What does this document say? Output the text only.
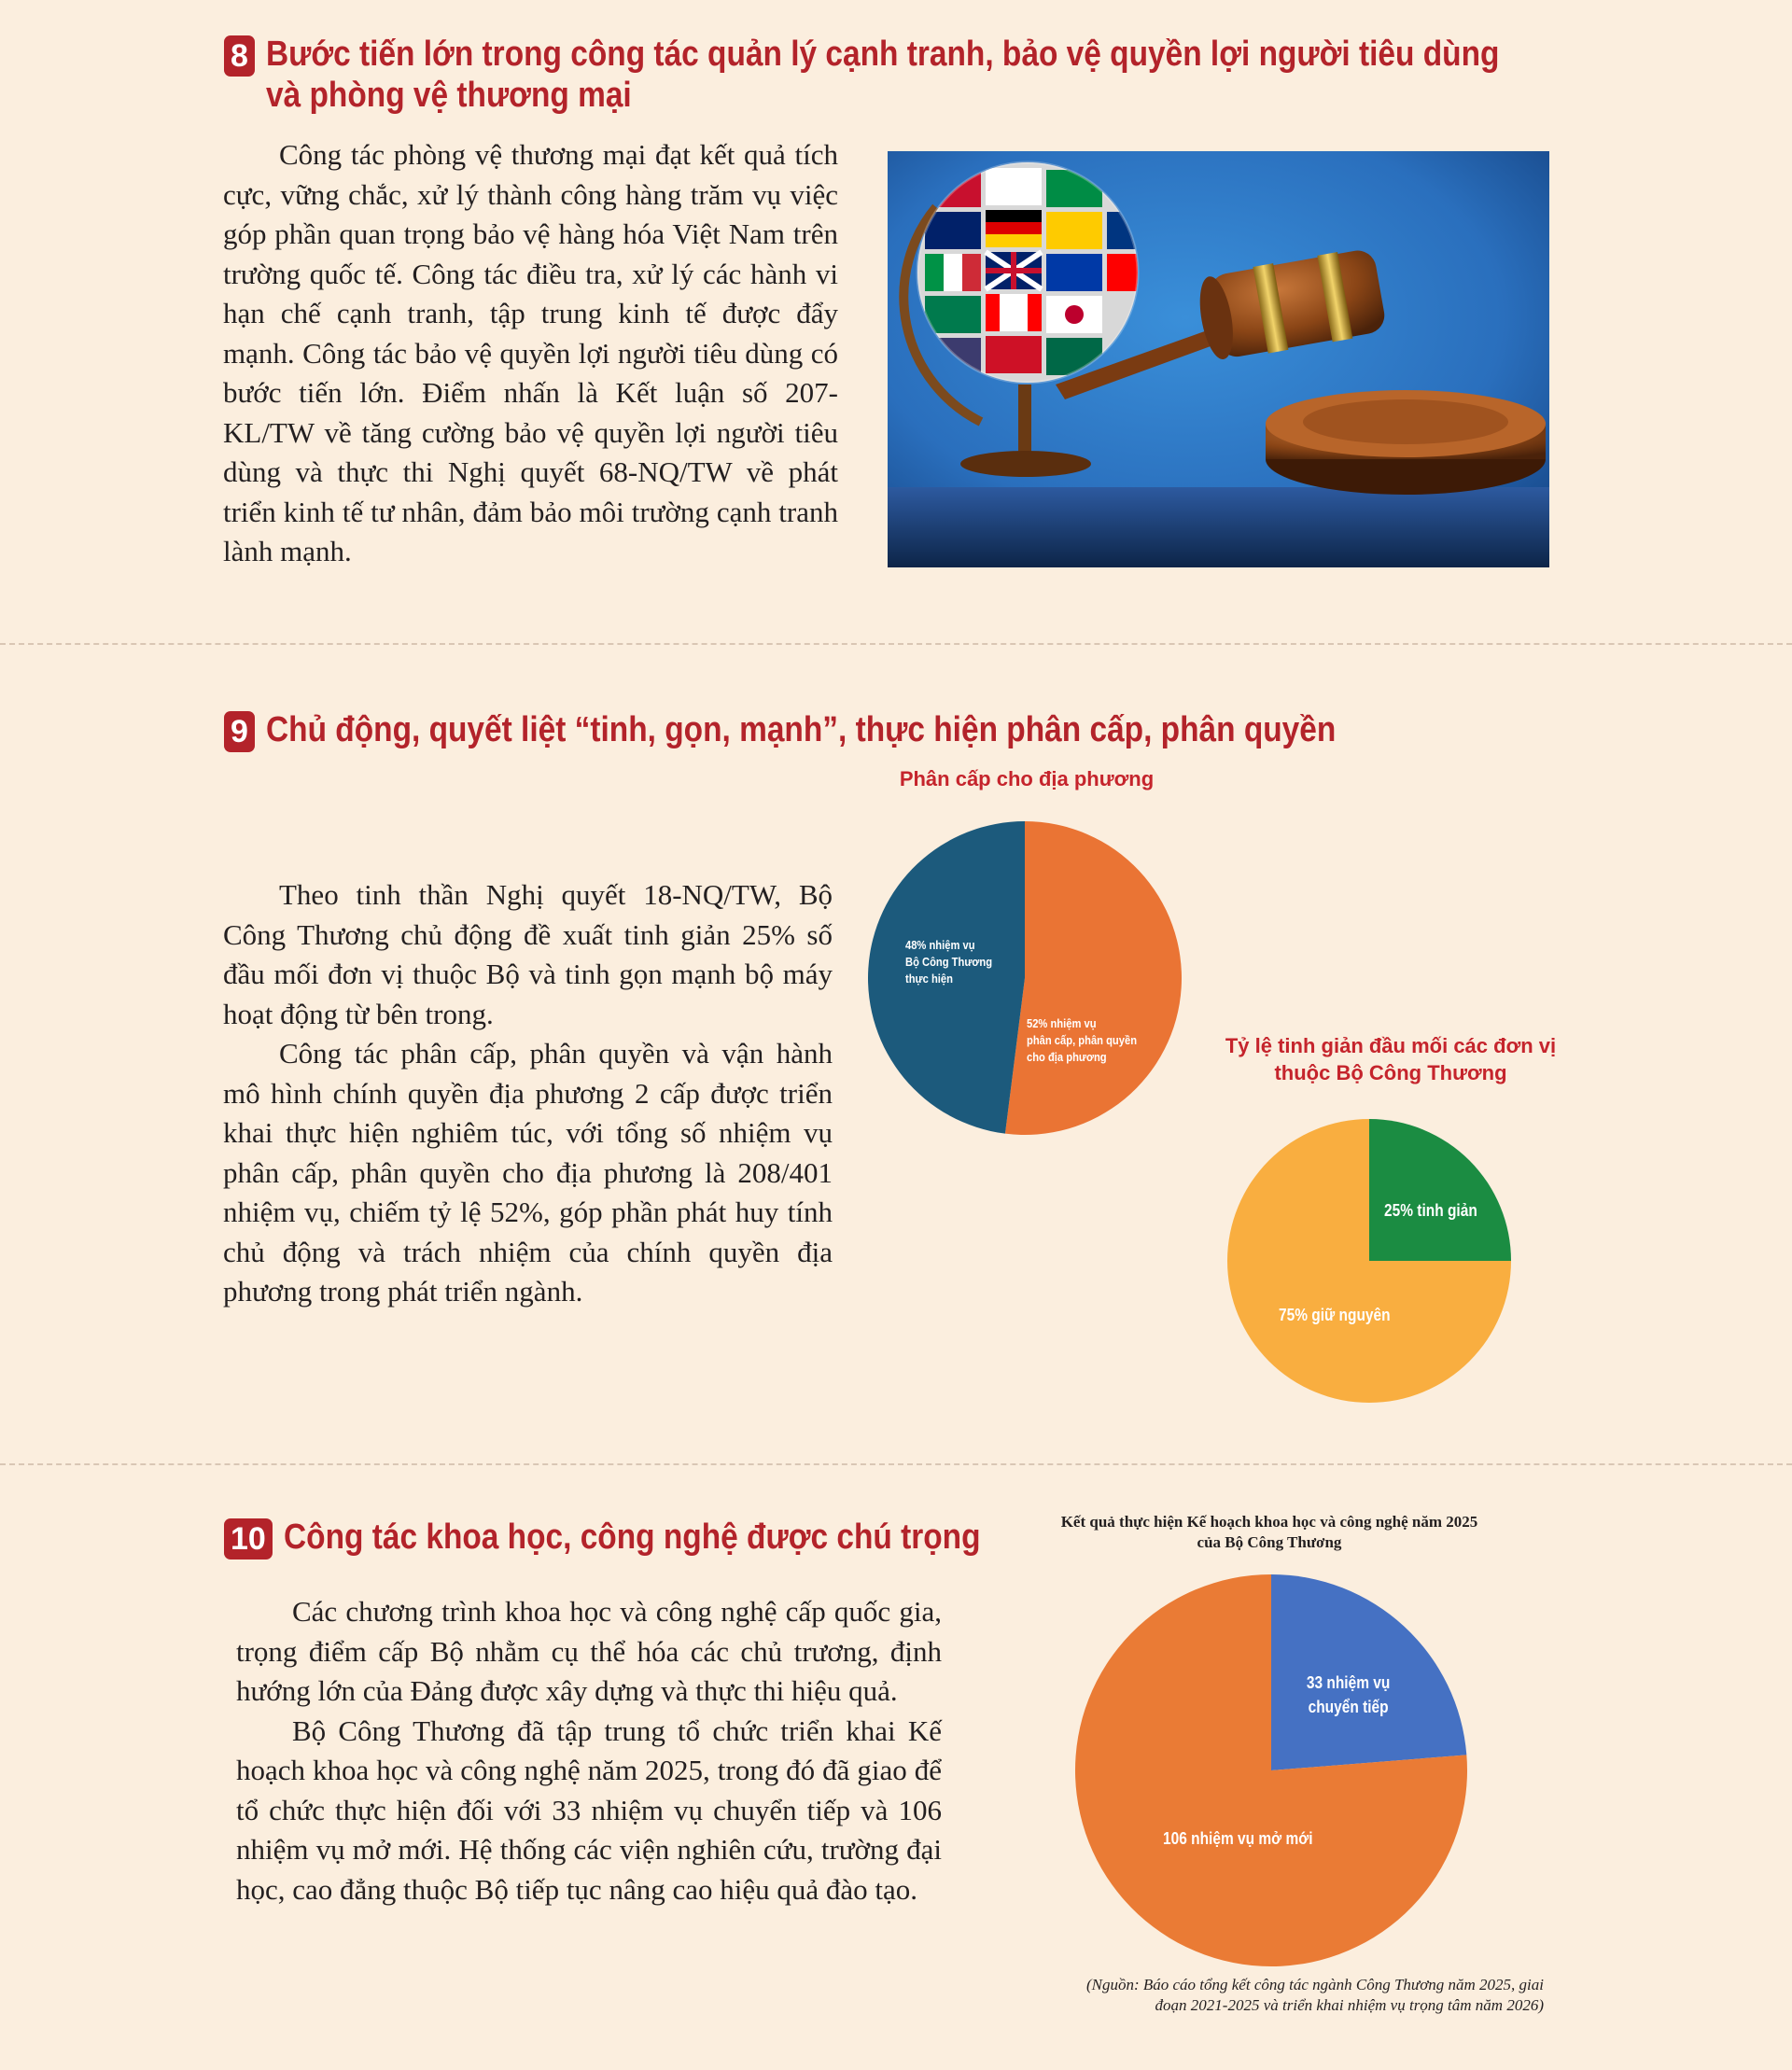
8 Bước tiến lớn trong công tác quản lý cạnh tranh, bảo vệ quyền lợi người tiêu dùng
và phòng vệ thương mại

Công tác phòng vệ thương mại đạt kết quả tích cực, vững chắc, xử lý thành công hàng trăm vụ việc góp phần quan trọng bảo vệ hàng hóa Việt Nam trên trường quốc tế. Công tác điều tra, xử lý các hành vi hạn chế cạnh tranh, tập trung kinh tế được đẩy mạnh. Công tác bảo vệ quyền lợi người tiêu dùng có bước tiến lớn. Điểm nhấn là Kết luận số 207-KL/TW về tăng cường bảo vệ quyền lợi người tiêu dùng và thực thi Nghị quyết 68-NQ/TW về phát triển kinh tế tư nhân, đảm bảo môi trường cạnh tranh lành mạnh.

9 Chủ động, quyết liệt “tinh, gọn, mạnh”, thực hiện phân cấp, phân quyền

Theo tinh thần Nghị quyết 18-NQ/TW, Bộ Công Thương chủ động đề xuất tinh giản 25% số đầu mối đơn vị thuộc Bộ và tinh gọn mạnh bộ máy hoạt động từ bên trong.

Công tác phân cấp, phân quyền và vận hành mô hình chính quyền địa phương 2 cấp được triển khai thực hiện nghiêm túc, với tổng số nhiệm vụ phân cấp, phân quyền cho địa phương là 208/401 nhiệm vụ, chiếm tỷ lệ 52%, góp phần phát huy tính chủ động và trách nhiệm của chính quyền địa phương trong phát triển ngành.

Phân cấp cho địa phương
48% nhiệm vụ
Bộ Công Thương
thực hiện
52% nhiệm vụ
phân cấp, phân quyền
cho địa phương	Tỷ lệ tinh giản đầu mối các đơn vị
thuộc Bộ Công Thương
25% tinh giản
75% giữ nguyên
10 Công tác khoa học, công nghệ được chú trọng

Các chương trình khoa học và công nghệ cấp quốc gia, trọng điểm cấp Bộ nhằm cụ thể hóa các chủ trương, định hướng lớn của Đảng được xây dựng và thực thi hiệu quả.

Bộ Công Thương đã tập trung tổ chức triển khai Kế hoạch khoa học và công nghệ năm 2025, trong đó đã giao để tổ chức thực hiện đối với 33 nhiệm vụ chuyển tiếp và 106 nhiệm vụ mở mới. Hệ thống các viện nghiên cứu, trường đại học, cao đẳng thuộc Bộ tiếp tục nâng cao hiệu quả đào tạo.

Kết quả thực hiện Kế hoạch khoa học và công nghệ năm 2025
của Bộ Công Thương
33 nhiệm vụ
chuyển tiếp
106 nhiệm vụ mở mới
(Nguồn: Báo cáo tổng kết công tác ngành Công Thương năm 2025, giai
đoạn 2021-2025 và triển khai nhiệm vụ trọng tâm năm 2026)
